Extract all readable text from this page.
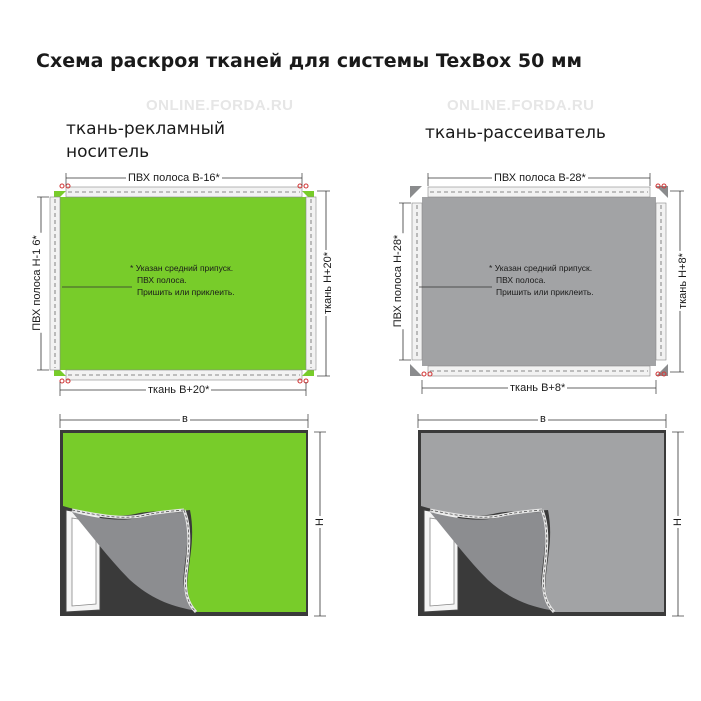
Схема раскроя тканей для системы TexBox 50 мм
ONLINE.FORDA.RU	ONLINE.FORDA.RU
ткань-рекламный
носитель
ткань-рассеиватель
ПВХ полоса В-16*
ткань В+20*
ПВХ полоса Н-1 6*	ткань Н+20*
* Указан средний припуск.
ПВХ полоса.
Пришить или приклеить.
ПВХ полоса В-28*
ткань В+8*
ПВХ полоса Н-28*	ткань Н+8*
* Указан средний припуск.
ПВХ полоса.
Пришить или приклеить.
в
Н
в
Н
